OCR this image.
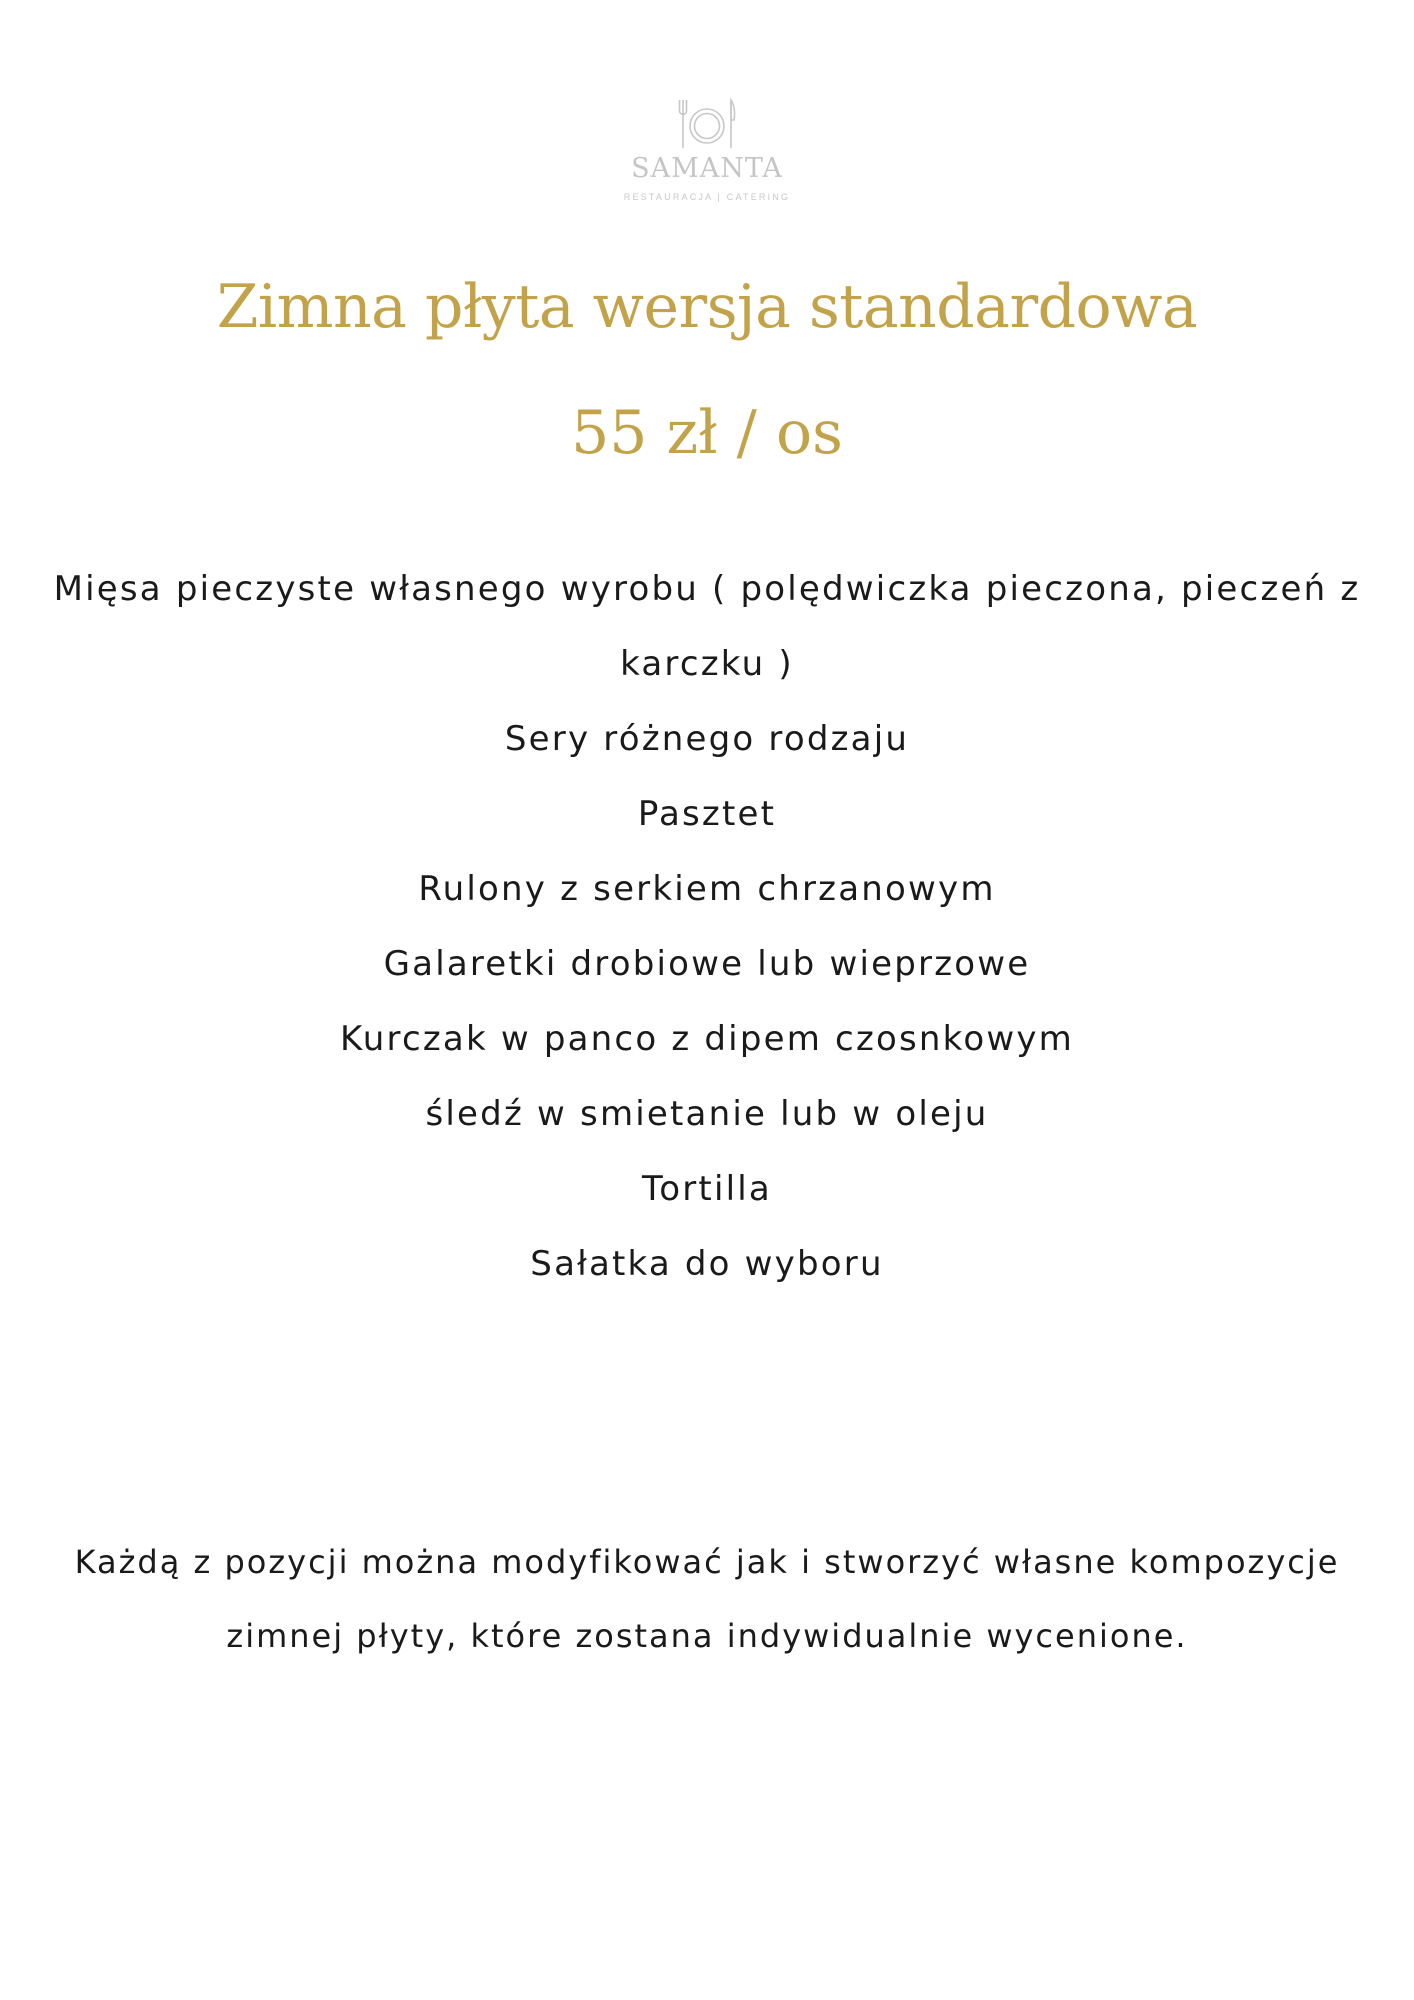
SAMANTA
RESTAURACJA | CATERING
Zimna płyta wersja standardowa
55 zł / os
Mięsa pieczyste własnego wyrobu ( polędwiczka pieczona, pieczeń z karczku )
Sery różnego rodzaju
Pasztet
Rulony z serkiem chrzanowym
Galaretki drobiowe lub wieprzowe
Kurczak w panco z dipem czosnkowym
śledź w smietanie lub w oleju
Tortilla
Sałatka do wyboru

Każdą z pozycji można modyfikować jak i stworzyć własne kompozycje zimnej płyty, które zostana indywidualnie wycenione.
